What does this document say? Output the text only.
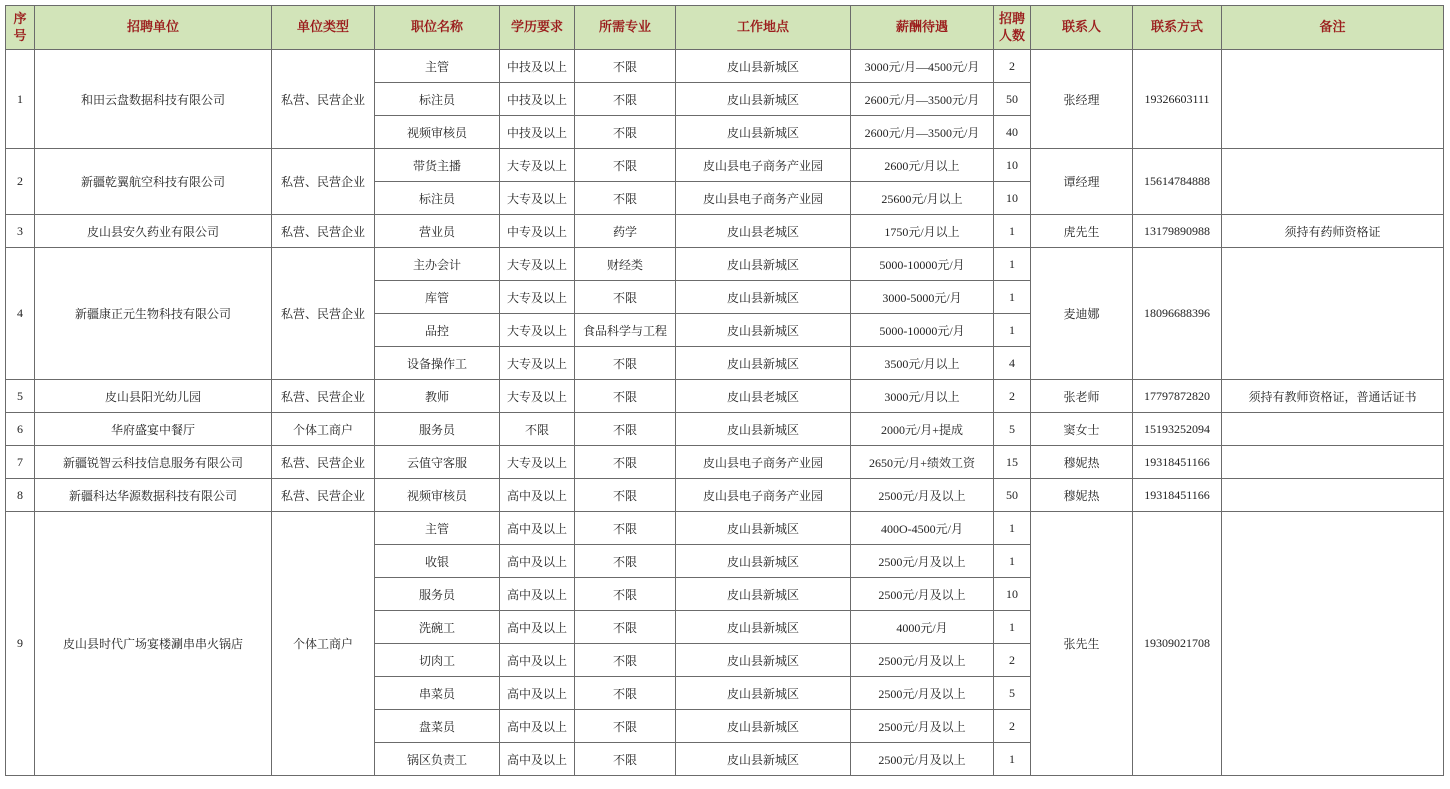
序号	招聘单位	单位类型	职位名称	学历要求	所需专业	工作地点	薪酬待遇	招聘人数	联系人	联系方式	备注
1	和田云盘数据科技有限公司	私营、民营企业	主管	中技及以上	不限	皮山县新城区	3000元/月—4500元/月	2	张经理	19326603111	
			标注员	中技及以上	不限	皮山县新城区	2600元/月—3500元/月	50			
			视频审核员	中技及以上	不限	皮山县新城区	2600元/月—3500元/月	40			
2	新疆乾翼航空科技有限公司	私营、民营企业	带货主播	大专及以上	不限	皮山县电子商务产业园	2600元/月以上	10	谭经理	15614784888	
			标注员	大专及以上	不限	皮山县电子商务产业园	25600元/月以上	10			
3	皮山县安久药业有限公司	私营、民营企业	营业员	中专及以上	药学	皮山县老城区	1750元/月以上	1	虎先生	13179890988	须持有药师资格证
4	新疆康正元生物科技有限公司	私营、民营企业	主办会计	大专及以上	财经类	皮山县新城区	5000-10000元/月	1	麦迪娜	18096688396	
			库管	大专及以上	不限	皮山县新城区	3000-5000元/月	1			
			品控	大专及以上	食品科学与工程	皮山县新城区	5000-10000元/月	1			
			设备操作工	大专及以上	不限	皮山县新城区	3500元/月以上	4			
5	皮山县阳光幼儿园	私营、民营企业	教师	大专及以上	不限	皮山县老城区	3000元/月以上	2	张老师	17797872820	须持有教师资格证，普通话证书
6	华府盛宴中餐厅	个体工商户	服务员	不限	不限	皮山县新城区	2000元/月+提成	5	窦女士	15193252094	
7	新疆锐智云科技信息服务有限公司	私营、民营企业	云值守客服	大专及以上	不限	皮山县电子商务产业园	2650元/月+绩效工资	15	穆妮热	19318451166	
8	新疆科达华源数据科技有限公司	私营、民营企业	视频审核员	高中及以上	不限	皮山县电子商务产业园	2500元/月及以上	50	穆妮热	19318451166	
9	皮山县时代广场宴楼涮串串火锅店	个体工商户	主管	高中及以上	不限	皮山县新城区	400O-4500元/月	1	张先生	19309021708	
			收银	高中及以上	不限	皮山县新城区	2500元/月及以上	1			
			服务员	高中及以上	不限	皮山县新城区	2500元/月及以上	10			
			洗碗工	高中及以上	不限	皮山县新城区	4000元/月	1			
			切肉工	高中及以上	不限	皮山县新城区	2500元/月及以上	2			
			串菜员	高中及以上	不限	皮山县新城区	2500元/月及以上	5			
			盘菜员	高中及以上	不限	皮山县新城区	2500元/月及以上	2			
			锅区负责工	高中及以上	不限	皮山县新城区	2500元/月及以上	1			
